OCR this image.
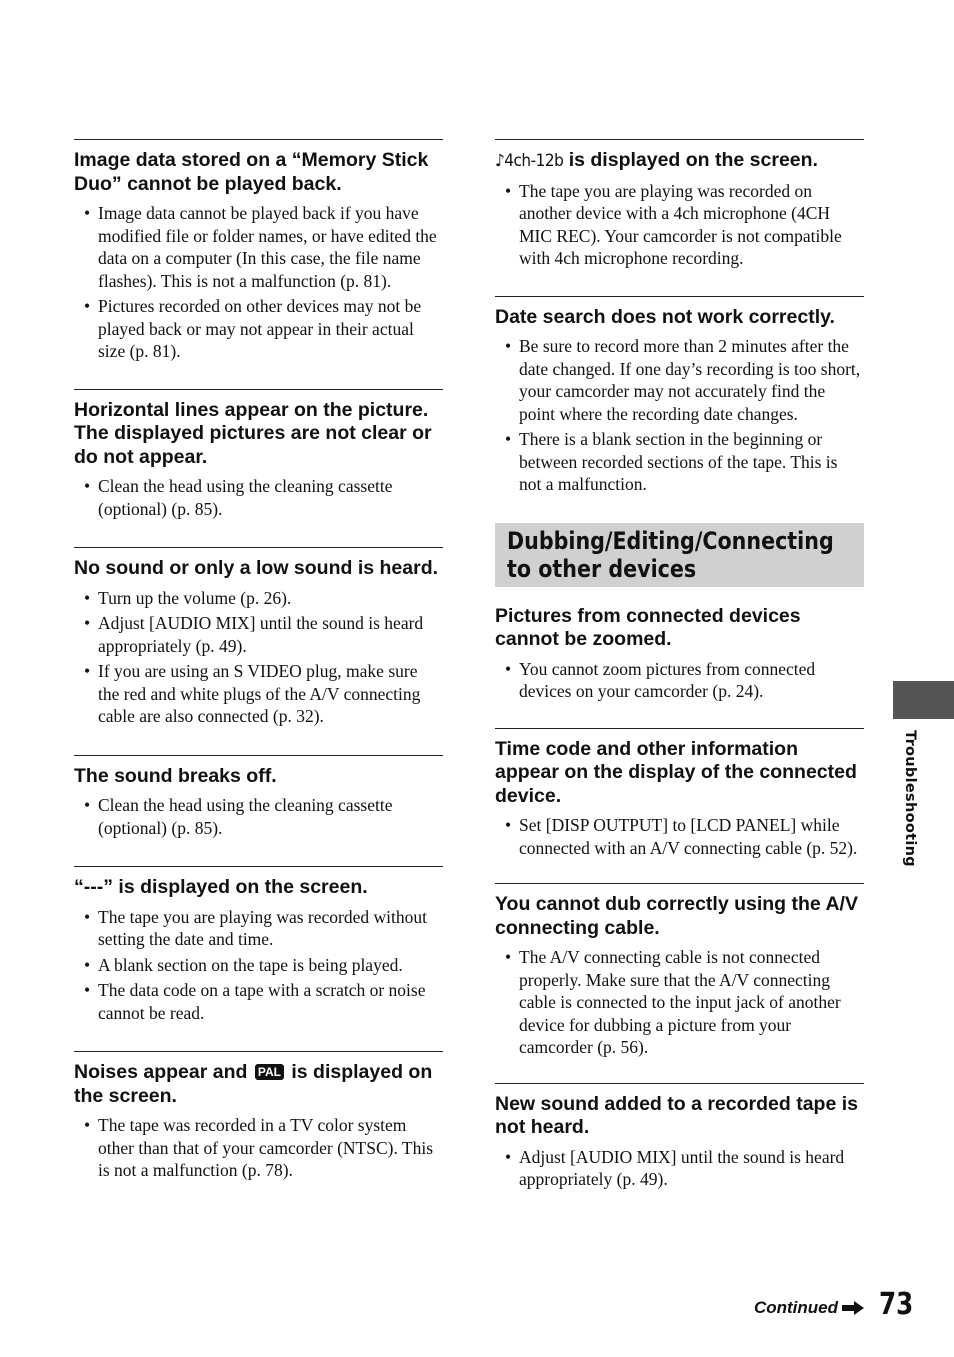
Image data stored on a “Memory Stick Duo” cannot be played back.
• Image data cannot be played back if you have modified file or folder names, or have edited the data on a computer (In this case, the file name flashes). This is not a malfunction (p. 81).
• Pictures recorded on other devices may not be played back or may not appear in their actual size (p. 81).
Horizontal lines appear on the picture. The displayed pictures are not clear or do not appear.
• Clean the head using the cleaning cassette (optional) (p. 85).
No sound or only a low sound is heard.
• Turn up the volume (p. 26).
• Adjust [AUDIO MIX] until the sound is heard appropriately (p. 49).
• If you are using an S VIDEO plug, make sure the red and white plugs of the A/V connecting cable are also connected (p. 32).
The sound breaks off.
• Clean the head using the cleaning cassette (optional) (p. 85).
“---” is displayed on the screen.
• The tape you are playing was recorded without setting the date and time.
• A blank section on the tape is being played.
• The data code on a tape with a scratch or noise cannot be read.
Noises appear and PAL is displayed on the screen.
• The tape was recorded in a TV color system other than that of your camcorder (NTSC). This is not a malfunction (p. 78).
♪4ch-12b is displayed on the screen.
• The tape you are playing was recorded on another device with a 4ch microphone (4CH MIC REC). Your camcorder is not compatible with 4ch microphone recording.
Date search does not work correctly.
• Be sure to record more than 2 minutes after the date changed. If one day’s recording is too short, your camcorder may not accurately find the point where the recording date changes.
• There is a blank section in the beginning or between recorded sections of the tape. This is not a malfunction.
Dubbing/Editing/Connecting to other devices
Pictures from connected devices cannot be zoomed.
• You cannot zoom pictures from connected devices on your camcorder (p. 24).
Time code and other information appear on the display of the connected device.
• Set [DISP OUTPUT] to [LCD PANEL] while connected with an A/V connecting cable (p. 52).
You cannot dub correctly using the A/V connecting cable.
• The A/V connecting cable is not connected properly. Make sure that the A/V connecting cable is connected to the input jack of another device for dubbing a picture from your camcorder (p. 56).
New sound added to a recorded tape is not heard.
• Adjust [AUDIO MIX] until the sound is heard appropriately (p. 49).
Troubleshooting
Continued 73
